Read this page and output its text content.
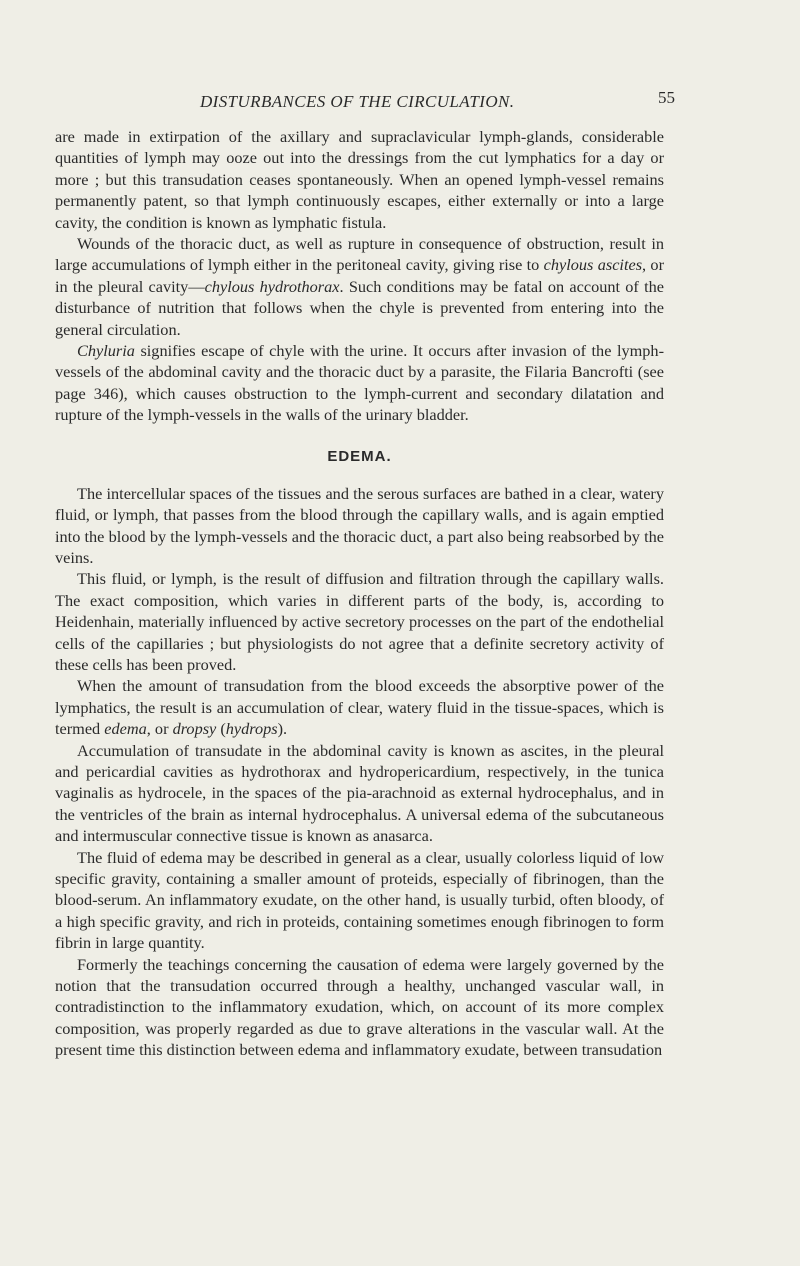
DISTURBANCES OF THE CIRCULATION.	55

are made in extirpation of the axillary and supraclavicular lymph-glands, considerable quantities of lymph may ooze out into the dressings from the cut lymphatics for a day or more ; but this transudation ceases spontaneously. When an opened lymph-vessel remains permanently patent, so that lymph continuously escapes, either externally or into a large cavity, the condition is known as lymphatic fistula.

Wounds of the thoracic duct, as well as rupture in consequence of obstruction, result in large accumulations of lymph either in the peritoneal cavity, giving rise to chylous ascites, or in the pleural cavity—chylous hydrothorax. Such conditions may be fatal on account of the disturbance of nutrition that follows when the chyle is prevented from entering into the general circulation.

Chyluria signifies escape of chyle with the urine. It occurs after invasion of the lymph-vessels of the abdominal cavity and the thoracic duct by a parasite, the Filaria Bancrofti (see page 346), which causes obstruction to the lymph-current and secondary dilatation and rupture of the lymph-vessels in the walls of the urinary bladder.

EDEMA.

The intercellular spaces of the tissues and the serous surfaces are bathed in a clear, watery fluid, or lymph, that passes from the blood through the capillary walls, and is again emptied into the blood by the lymph-vessels and the thoracic duct, a part also being reabsorbed by the veins.

This fluid, or lymph, is the result of diffusion and filtration through the capillary walls. The exact composition, which varies in different parts of the body, is, according to Heidenhain, materially influenced by active secretory processes on the part of the endothelial cells of the capillaries ; but physiologists do not agree that a definite secretory activity of these cells has been proved.

When the amount of transudation from the blood exceeds the absorptive power of the lymphatics, the result is an accumulation of clear, watery fluid in the tissue-spaces, which is termed edema, or dropsy (hydrops).

Accumulation of transudate in the abdominal cavity is known as ascites, in the pleural and pericardial cavities as hydrothorax and hydropericardium, respectively, in the tunica vaginalis as hydrocele, in the spaces of the pia-arachnoid as external hydrocephalus, and in the ventricles of the brain as internal hydrocephalus. A universal edema of the subcutaneous and intermuscular connective tissue is known as anasarca.

The fluid of edema may be described in general as a clear, usually colorless liquid of low specific gravity, containing a smaller amount of proteids, especially of fibrinogen, than the blood-serum. An inflammatory exudate, on the other hand, is usually turbid, often bloody, of a high specific gravity, and rich in proteids, containing sometimes enough fibrinogen to form fibrin in large quantity.

Formerly the teachings concerning the causation of edema were largely governed by the notion that the transudation occurred through a healthy, unchanged vascular wall, in contradistinction to the inflammatory exudation, which, on account of its more complex composition, was properly regarded as due to grave alterations in the vascular wall. At the present time this distinction between edema and inflammatory exudate, between transudation
